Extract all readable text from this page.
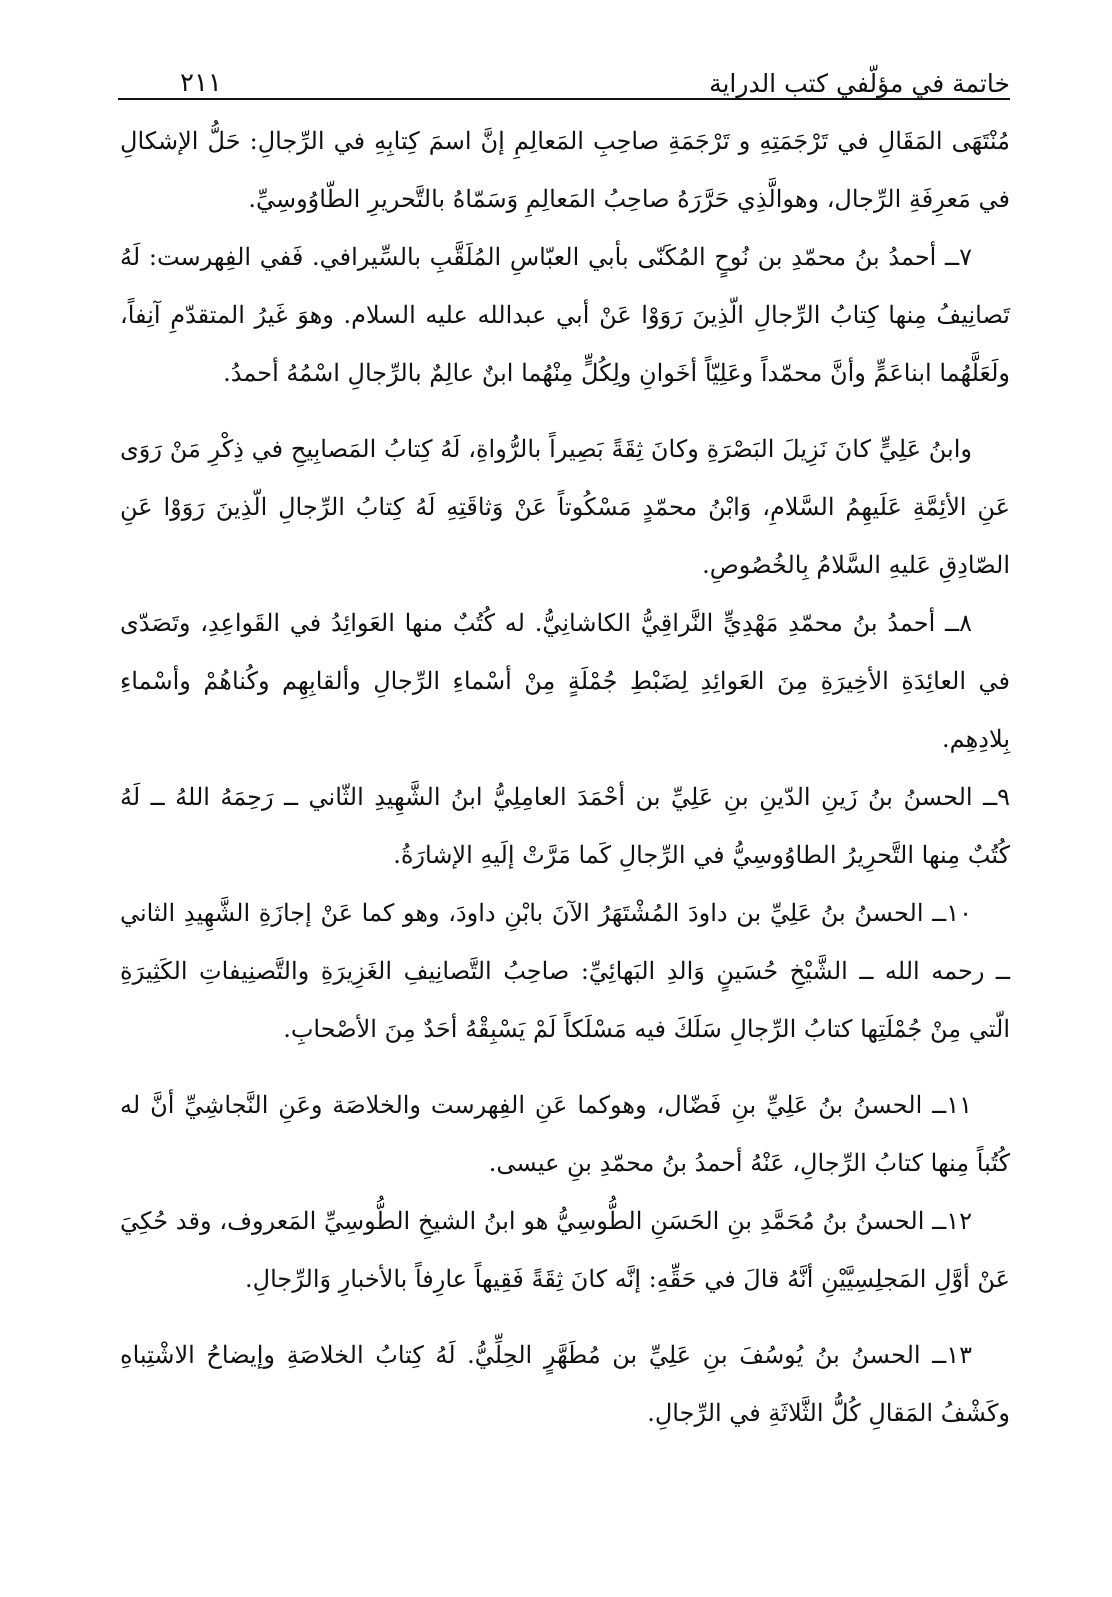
خاتمة في مؤلّفي كتب الدراية
٢١١

مُنْتَهَى المَقَالِ في تَرْجَمَتِهِ و تَرْجَمَةِ صاحِبِ المَعالِمِ إنَّ اسمَ كِتابِهِ في الرِّجالِ: حَلُّ الإشكالِ في مَعرِفَةِ الرِّجال، وهوالَّذِي حَرَّرَهُ صاحِبُ المَعالِمِ وَسَمّاهُ بالتَّحريرِ الطّاوُوسِيِّ.

٧ــ أحمدُ بنُ محمّدِ بن نُوحٍ المُكَنّى بأبي العبّاسِ المُلَقَّبِ بالسِّيرافي. فَفي الفِهرست: لَهُ تَصانِيفُ مِنها كِتابُ الرِّجالِ الّذِينَ رَوَوْا عَنْ أبي عبدالله عليه السلام. وهوَ غَيرُ المتقدّمِ آنِفاً، ولَعَلَّهُما ابناعَمٍّ وأنَّ محمّداً وعَلِيّاً أخَوانِ ولِكُلٍّ مِنْهُما ابنٌ عالِمٌ بالرِّجالِ اسْمُهُ أحمدُ.

وابنُ عَلِيٍّ كانَ نَزِيلَ البَصْرَةِ وكانَ ثِقَةً بَصِيراً بالرُّواةِ، لَهُ كِتابُ المَصابِيحِ في ذِكْرِ مَنْ رَوَى عَنِ الأئِمَّةِ عَلَيهِمُ السَّلامِ، وَابْنُ محمّدٍ مَسْكُوتاً عَنْ وَثاقَتِهِ لَهُ كِتابُ الرِّجالِ الّذِينَ رَوَوْا عَنِ الصّادِقِ عَليهِ السَّلامُ بِالخُصُوصِ.

٨ــ أحمدُ بنُ محمّدِ مَهْدِيٍّ النَّراقِيُّ الكاشانِيُّ. له كُتُبٌ منها العَوائِدُ في القَواعِدِ، وتَصَدّى في العائِدَةِ الأخِيرَةِ مِنَ العَوائِدِ لِضَبْطِ جُمْلَةٍ مِنْ أسْماءِ الرِّجالِ وألقابِهِم وكُناهُمْ وأسْماءِ بِلادِهِم.

٩ــ الحسنُ بنُ زَينِ الدّينِ بنِ عَلِيِّ بن أحْمَدَ العامِلِيُّ ابنُ الشَّهِيدِ الثّاني ــ رَحِمَهُ اللهُ ــ لَهُ كُتُبٌ مِنها التَّحرِيرُ الطاوُوسِيُّ في الرِّجالِ كَما مَرَّتْ إلَيهِ الإشارَةُ.

١٠ــ الحسنُ بنُ عَلِيِّ بن داودَ المُشْتَهَرُ الآنَ بابْنِ داودَ، وهو كما عَنْ إجازَةِ الشَّهِيدِ الثاني ــ رحمه الله ــ الشَّيْخِ حُسَينٍ وَالدِ البَهائِيِّ: صاحِبُ التَّصانِيفِ الغَزِيرَةِ والتَّصنِيفاتِ الكَثِيرَةِ الّتي مِنْ جُمْلَتِها كتابُ الرِّجالِ سَلَكَ فيه مَسْلَكاً لَمْ يَسْبِقْهُ أحَدٌ مِنَ الأصْحابِ.

١١ــ الحسنُ بنُ عَلِيِّ بنِ فَضّال، وهوكما عَنِ الفِهرست والخلاصَة وعَنِ النَّجاشِيِّ أنَّ له كُتُباً مِنها كتابُ الرِّجالِ، عَنْهُ أحمدُ بنُ محمّدِ بنِ عيسى.

١٢ــ الحسنُ بنُ مُحَمَّدِ بنِ الحَسَنِ الطُّوسِيُّ هو ابنُ الشيخِ الطُّوسِيِّ المَعروف، وقد حُكِيَ عَنْ أوَّلِ المَجلِسِيَّيْنِ أنَّهُ قالَ في حَقِّهِ: إنَّه كانَ ثِقَةً فَقِيهاً عارِفاً بالأخبارِ وَالرِّجالِ.

١٣ــ الحسنُ بنُ يُوسُفَ بنِ عَلِيِّ بن مُطَهَّرٍ الحِلِّيُّ. لَهُ كِتابُ الخلاصَةِ وإيضاحُ الاشْتِباهِ وكَشْفُ المَقالِ كُلُّ الثَّلاثَةِ في الرِّجالِ.
